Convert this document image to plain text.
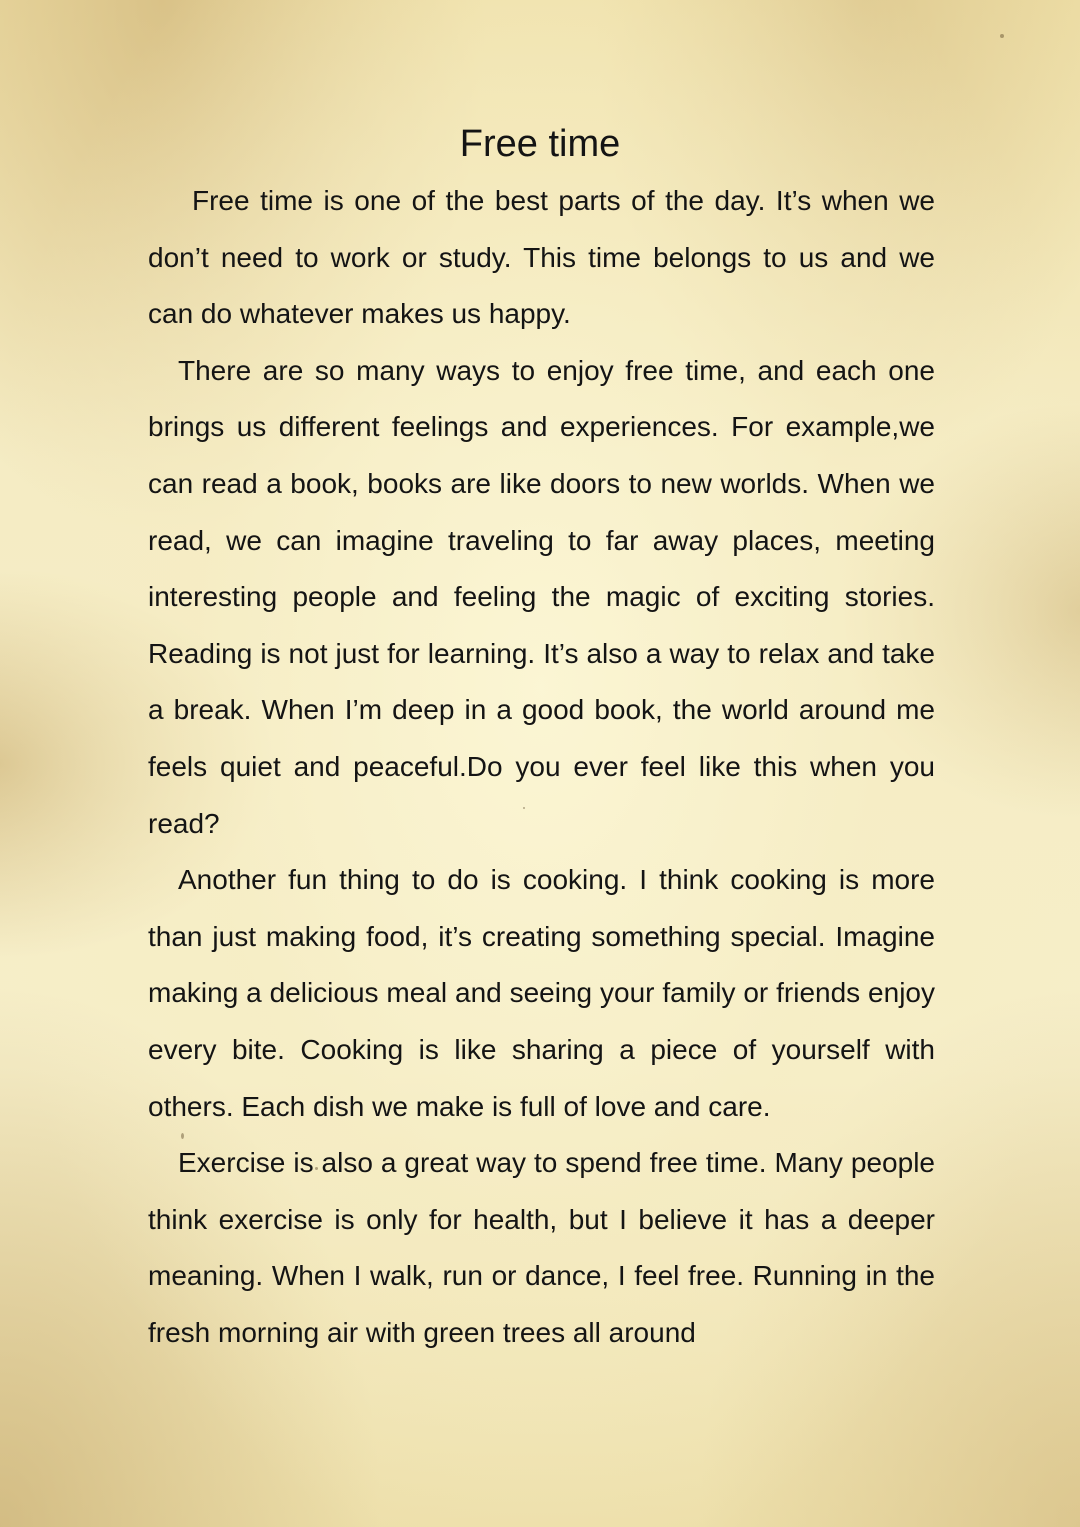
Free time

Free time is one of the best parts of the day. It’s when we don’t need to work or study. This time belongs to us and we can do whatever makes us happy.

There are so many ways to enjoy free time, and each one brings us different feelings and experiences. For example,we can read a book, books are like doors to new worlds. When we read, we can imagine traveling to far away places, meeting interesting people and feeling the magic of exciting stories. Reading is not just for learning. It’s also a way to relax and take a break. When I’m deep in a good book, the world around me feels quiet and peaceful.Do you ever feel like this when you read?

Another fun thing to do is cooking. I think cooking is more than just making food, it’s creating something special. Imagine making a delicious meal and seeing your family or friends enjoy every bite. Cooking is like sharing a piece of yourself with others. Each dish we make is full of love and care.

Exercise is also a great way to spend free time. Many people think exercise is only for health, but I believe it has a deeper meaning. When I walk, run or dance, I feel free. Running in the fresh morning air with green trees all around
